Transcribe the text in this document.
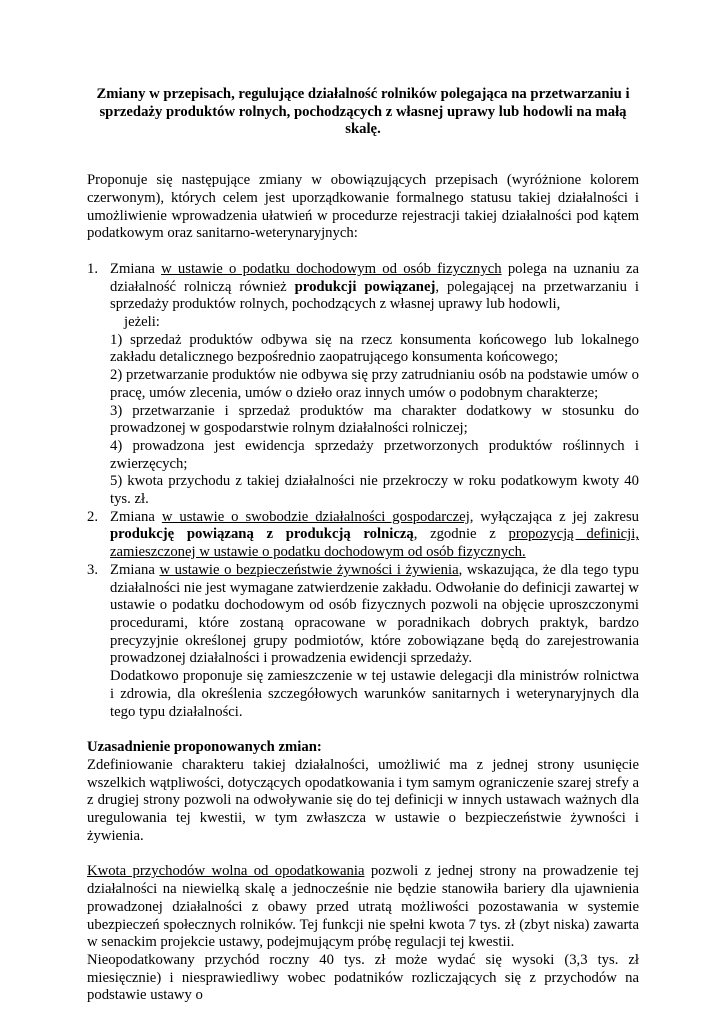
Zmiany w przepisach, regulujące działalność rolników polegająca na przetwarzaniu i sprzedaży produktów rolnych, pochodzących z własnej uprawy lub hodowli na małą skalę.
Proponuje się następujące zmiany w obowiązujących przepisach (wyróżnione kolorem czerwonym), których celem jest uporządkowanie formalnego statusu takiej działalności i umożliwienie wprowadzenia ułatwień w procedurze rejestracji takiej działalności pod kątem podatkowym oraz sanitarno-weterynaryjnych:
1. Zmiana w ustawie o podatku dochodowym od osób fizycznych polega na uznaniu za działalność rolniczą również produkcji powiązanej, polegającej na przetwarzaniu i sprzedaży produktów rolnych, pochodzących z własnej uprawy lub hodowli,
jeżeli:
1) sprzedaż produktów odbywa się na rzecz konsumenta końcowego lub lokalnego zakładu detalicznego bezpośrednio zaopatrującego konsumenta końcowego;
2) przetwarzanie produktów nie odbywa się przy zatrudnianiu osób na podstawie umów o pracę, umów zlecenia, umów o dzieło oraz innych umów o podobnym charakterze;
3) przetwarzanie i sprzedaż produktów ma charakter dodatkowy w stosunku do prowadzonej w gospodarstwie rolnym działalności rolniczej;
4) prowadzona jest ewidencja sprzedaży przetworzonych produktów roślinnych i zwierzęcych;
5) kwota przychodu z takiej działalności nie przekroczy w roku podatkowym kwoty 40 tys. zł.
2. Zmiana w ustawie o swobodzie działalności gospodarczej, wyłączająca z jej zakresu produkcję powiązaną z produkcją rolniczą, zgodnie z propozycją definicji, zamieszczonej w ustawie o podatku dochodowym od osób fizycznych.
3. Zmiana w ustawie o bezpieczeństwie żywności i żywienia, wskazująca, że dla tego typu działalności nie jest wymagane zatwierdzenie zakładu. Odwołanie do definicji zawartej w ustawie o podatku dochodowym od osób fizycznych pozwoli na objęcie uproszczonymi procedurami, które zostaną opracowane w poradnikach dobrych praktyk, bardzo precyzyjnie określonej grupy podmiotów, które zobowiązane będą do zarejestrowania prowadzonej działalności i prowadzenia ewidencji sprzedaży.
Dodatkowo proponuje się zamieszczenie w tej ustawie delegacji dla ministrów rolnictwa i zdrowia, dla określenia szczegółowych warunków sanitarnych i weterynaryjnych dla tego typu działalności.
Uzasadnienie proponowanych zmian:
Zdefiniowanie charakteru takiej działalności, umożliwić ma z jednej strony usunięcie wszelkich wątpliwości, dotyczących opodatkowania i tym samym ograniczenie szarej strefy a z drugiej strony pozwoli na odwoływanie się do tej definicji w innych ustawach ważnych dla uregulowania tej kwestii, w tym zwłaszcza w ustawie o bezpieczeństwie żywności i żywienia.
Kwota przychodów wolna od opodatkowania pozwoli z jednej strony na prowadzenie tej działalności na niewielką skalę a jednocześnie nie będzie stanowiła bariery dla ujawnienia prowadzonej działalności z obawy przed utratą możliwości pozostawania w systemie ubezpieczeń społecznych rolników. Tej funkcji nie spełni kwota 7 tys. zł (zbyt niska) zawarta w senackim projekcie ustawy, podejmującym próbę regulacji tej kwestii.
Nieopodatkowany przychód roczny 40 tys. zł może wydać się wysoki (3,3 tys. zł miesięcznie) i niesprawiedliwy wobec podatników rozliczających się z przychodów na podstawie ustawy o
